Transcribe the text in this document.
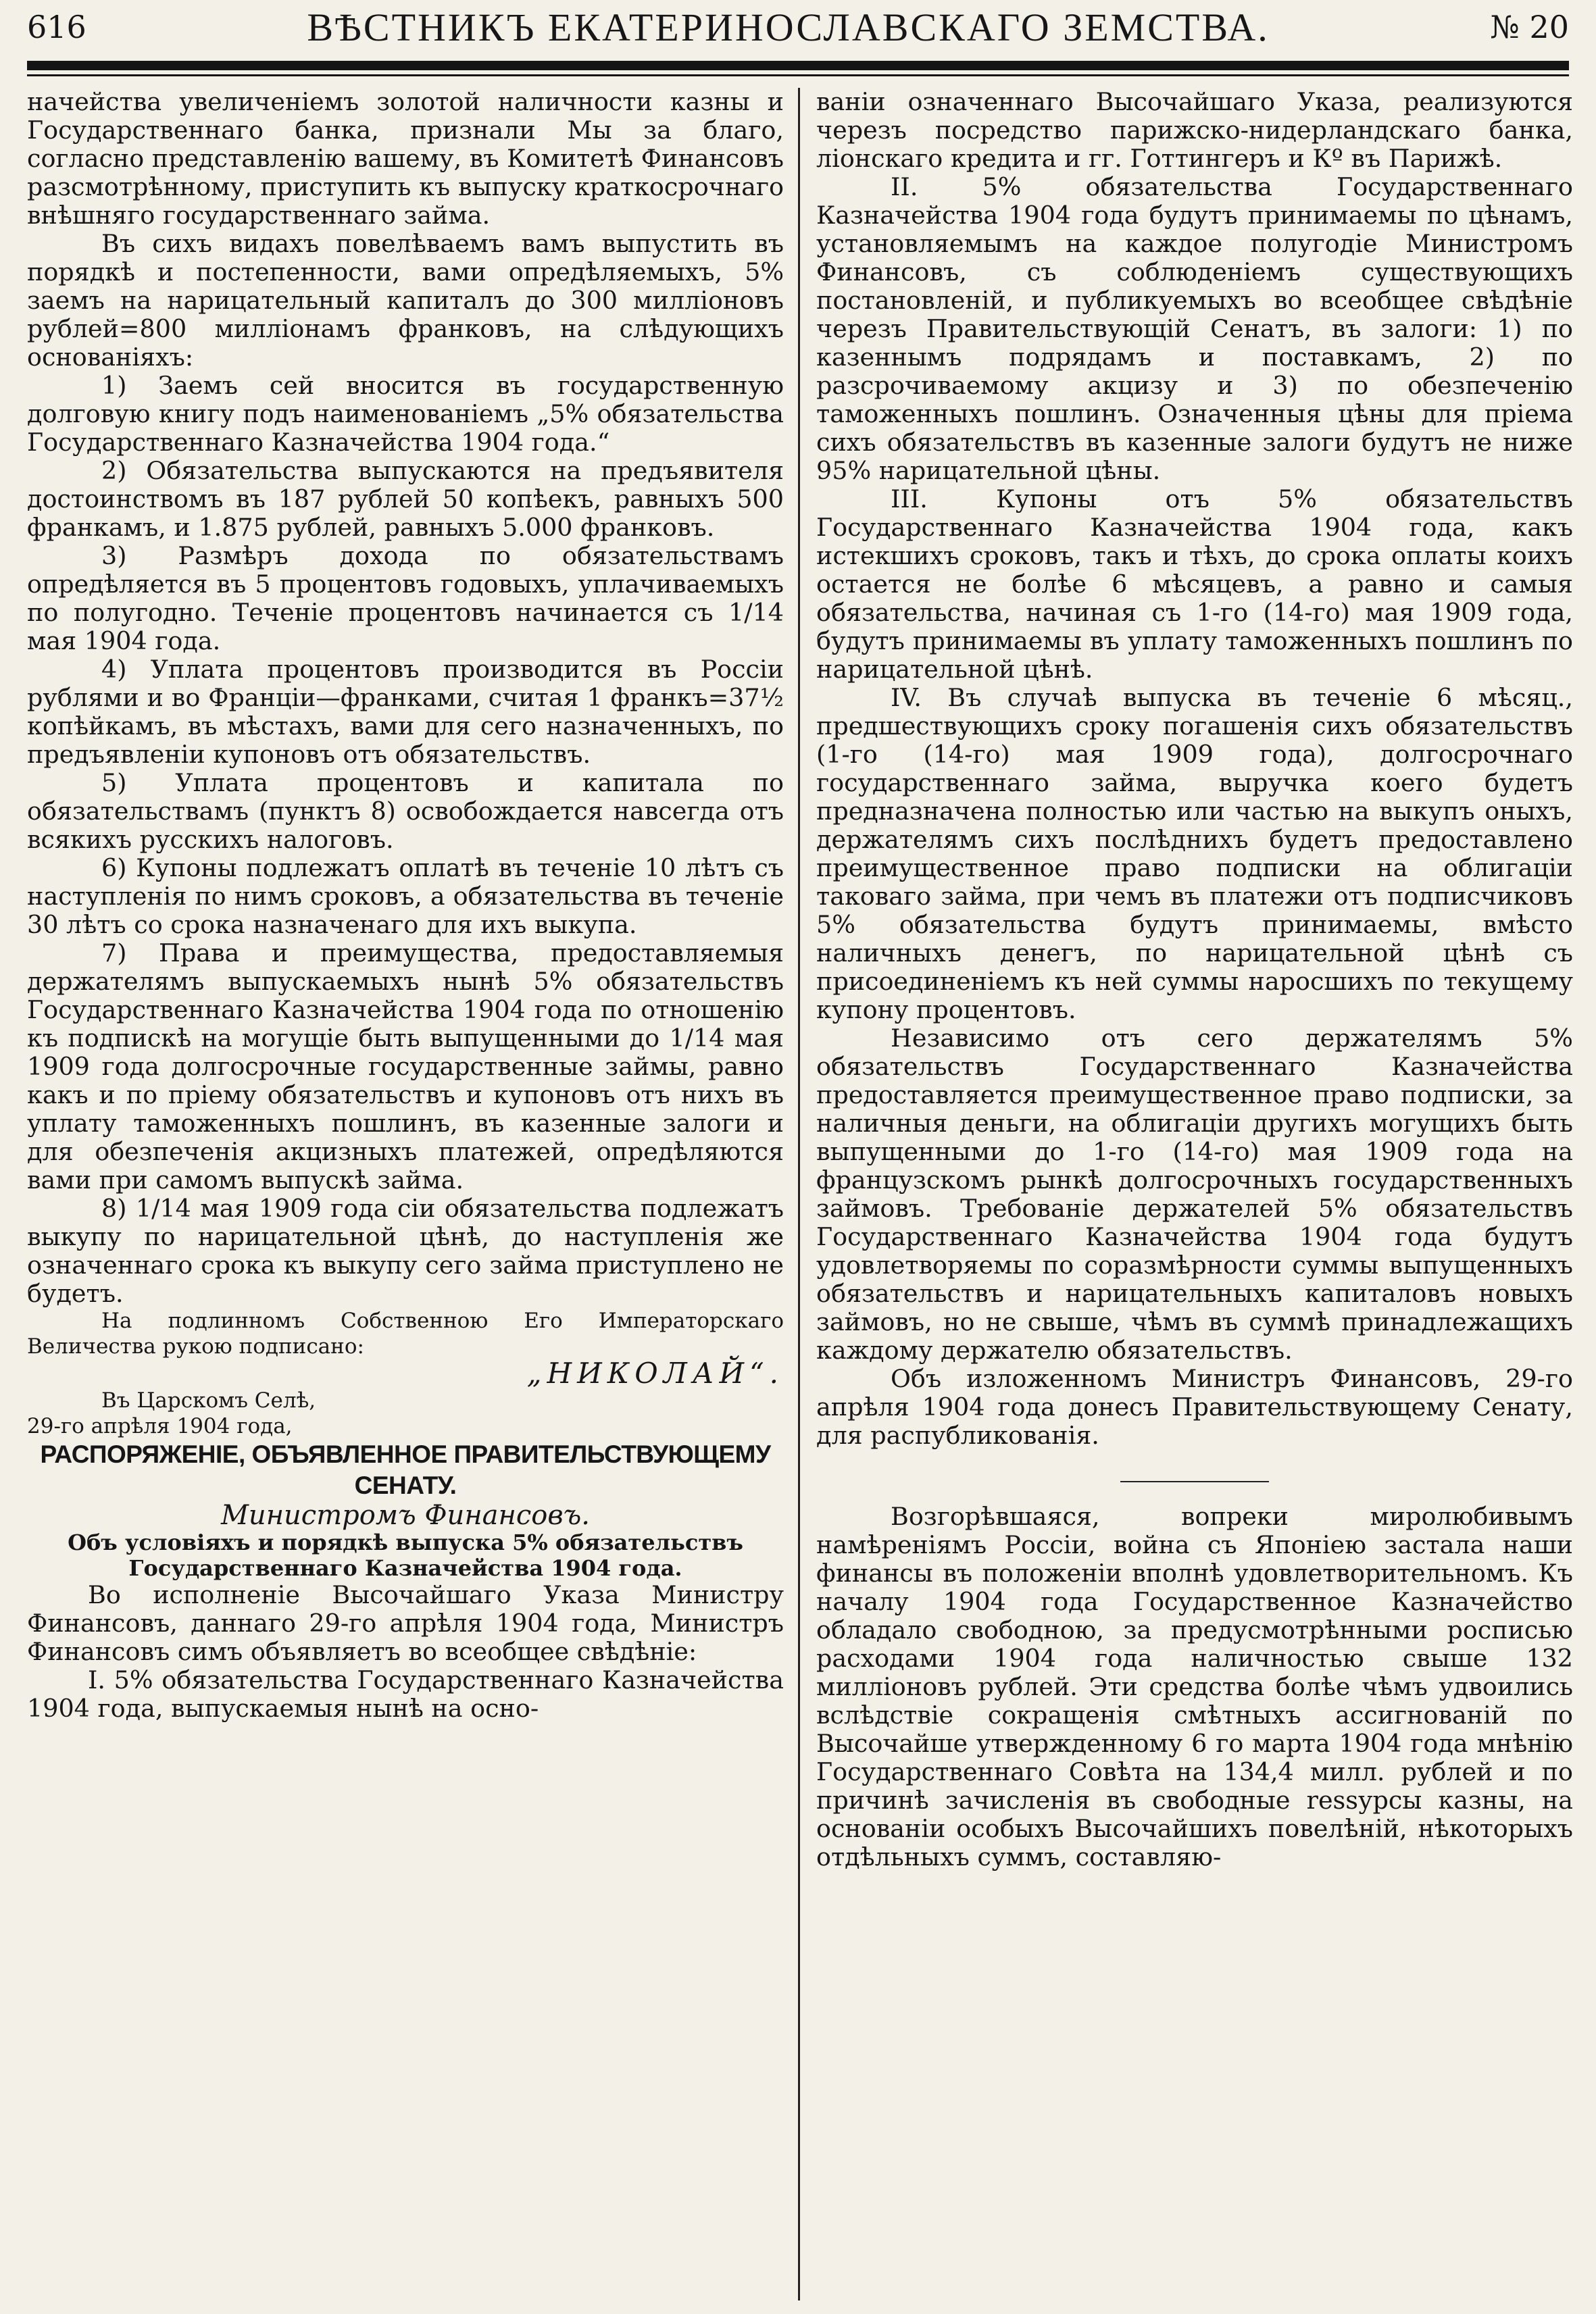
616	ВѢСТНИКЪ ЕКАТЕРИНОСЛАВСКАГО ЗЕМСТВА.	№ 20

начейства увеличеніемъ золотой наличности казны и Государственнаго банка, признали Мы за благо, согласно представленію вашему, въ Комитетѣ Финансовъ разсмотрѣнному, приступить къ выпуску краткосрочнаго внѣшняго государственнаго займа.

Въ сихъ видахъ повелѣваемъ вамъ выпустить въ порядкѣ и постепенности, вами опредѣляемыхъ, 5% заемъ на нарицательный капиталъ до 300 милліоновъ рублей=800 милліонамъ франковъ, на слѣдующихъ основаніяхъ:

1) Заемъ сей вносится въ государственную долговую книгу подъ наименованіемъ „5% обязательства Государственнаго Казначейства 1904 года.“

2) Обязательства выпускаются на предъявителя достоинствомъ въ 187 рублей 50 копѣекъ, равныхъ 500 франкамъ, и 1.875 рублей, равныхъ 5.000 франковъ.

3) Размѣръ дохода по обязательствамъ опредѣляется въ 5 процентовъ годовыхъ, уплачиваемыхъ по полугодно. Теченіе процентовъ начинается съ 1/14 мая 1904 года.

4) Уплата процентовъ производится въ Россіи рублями и во Франціи—франками, считая 1 франкъ=37½ копѣйкамъ, въ мѣстахъ, вами для сего назначенныхъ, по предъявленіи купоновъ отъ обязательствъ.

5) Уплата процентовъ и капитала по обязательствамъ (пунктъ 8) освобождается навсегда отъ всякихъ русскихъ налоговъ.

6) Купоны подлежатъ оплатѣ въ теченіе 10 лѣтъ съ наступленія по нимъ сроковъ, а обязательства въ теченіе 30 лѣтъ со срока назначенаго для ихъ выкупа.

7) Права и преимущества, предоставляемыя держателямъ выпускаемыхъ нынѣ 5% обязательствъ Государственнаго Казначейства 1904 года по отношенію къ подпискѣ на могущіе быть выпущенными до 1/14 мая 1909 года долгосрочные государственные займы, равно какъ и по пріему обязательствъ и купоновъ отъ нихъ въ уплату таможенныхъ пошлинъ, въ казенные залоги и для обезпеченія акцизныхъ платежей, опредѣляются вами при самомъ выпускѣ займа.

8) 1/14 мая 1909 года сіи обязательства подлежатъ выкупу по нарицательной цѣнѣ, до наступленія же означеннаго срока къ выкупу сего займа приступлено не будетъ.

На подлинномъ Собственною Его Императорскаго Величества рукою подписано:

„НИКОЛАЙ“.

Въ Царскомъ Селѣ,

29-го апрѣля 1904 года,

РАСПОРЯЖЕНІЕ, ОБЪЯВЛЕННОЕ ПРАВИТЕЛЬСТВУЮЩЕМУ СЕНАТУ.

Министромъ Финансовъ.

Объ условіяхъ и порядкѣ выпуска 5% обязательствъ Государственнаго Казначейства 1904 года.

Во исполненіе Высочайшаго Указа Министру Финансовъ, даннаго 29-го апрѣля 1904 года, Министръ Финансовъ симъ объявляетъ во всеобщее свѣдѣніе:

I. 5% обязательства Государственнаго Казначейства 1904 года, выпускаемыя нынѣ на осно-

ваніи означеннаго Высочайшаго Указа, реализуются черезъ посредство парижско-нидерландскаго банка, ліонскаго кредита и гг. Готтингеръ и Кº въ Парижѣ.

II. 5% обязательства Государственнаго Казначейства 1904 года будутъ принимаемы по цѣнамъ, установляемымъ на каждое полугодіе Министромъ Финансовъ, съ соблюденіемъ существующихъ постановленій, и публикуемыхъ во всеобщее свѣдѣніе черезъ Правительствующій Сенатъ, въ залоги: 1) по казеннымъ подрядамъ и поставкамъ, 2) по разсрочиваемому акцизу и 3) по обезпеченію таможенныхъ пошлинъ. Означенныя цѣны для пріема сихъ обязательствъ въ казенные залоги будутъ не ниже 95% нарицательной цѣны.

III. Купоны отъ 5% обязательствъ Государственнаго Казначейства 1904 года, какъ истекшихъ сроковъ, такъ и тѣхъ, до срока оплаты коихъ остается не болѣе 6 мѣсяцевъ, а равно и самыя обязательства, начиная съ 1-го (14-го) мая 1909 года, будутъ принимаемы въ уплату таможенныхъ пошлинъ по нарицательной цѣнѣ.

IV. Въ случаѣ выпуска въ теченіе 6 мѣсяц., предшествующихъ сроку погашенія сихъ обязательствъ (1-го (14-го) мая 1909 года), долгосрочнаго государственнаго займа, выручка коего будетъ предназначена полностью или частью на выкупъ оныхъ, держателямъ сихъ послѣднихъ будетъ предоставлено преимущественное право подписки на облигаціи таковаго займа, при чемъ въ платежи отъ подписчиковъ 5% обязательства будутъ принимаемы, вмѣсто наличныхъ денегъ, по нарицательной цѣнѣ съ присоединеніемъ къ ней суммы наросшихъ по текущему купону процентовъ.

Независимо отъ сего держателямъ 5% обязательствъ Государственнаго Казначейства предоставляется преимущественное право подписки, за наличныя деньги, на облигаціи другихъ могущихъ быть выпущенными до 1-го (14-го) мая 1909 года на французскомъ рынкѣ долгосрочныхъ государственныхъ займовъ. Требованіе держателей 5% обязательствъ Государственнаго Казначейства 1904 года будутъ удовлетворяемы по соразмѣрности суммы выпущенныхъ обязательствъ и нарицательныхъ капиталовъ новыхъ займовъ, но не свыше, чѣмъ въ суммѣ принадлежащихъ каждому держателю обязательствъ.

Объ изложенномъ Министръ Финансовъ, 29-го апрѣля 1904 года донесъ Правительствующему Сенату, для распубликованія.

Возгорѣвшаяся, вопреки миролюбивымъ намѣреніямъ Россіи, война съ Японіею застала наши финансы въ положеніи вполнѣ удовлетворительномъ. Къ началу 1904 года Государственное Казначейство обладало свободною, за предусмотрѣнными росписью расходами 1904 года наличностью свыше 132 милліоновъ рублей. Эти средства болѣе чѣмъ удвоились вслѣдствіе сокращенія смѣтныхъ ассигнованій по Высочайше утвержденному 6 го марта 1904 года мнѣнію Государственнаго Совѣта на 134,4 милл. рублей и по причинѣ зачисленія въ свободные ressурсы казны, на основаніи особыхъ Высочайшихъ повелѣній, нѣкоторыхъ отдѣльныхъ суммъ, составляю-
